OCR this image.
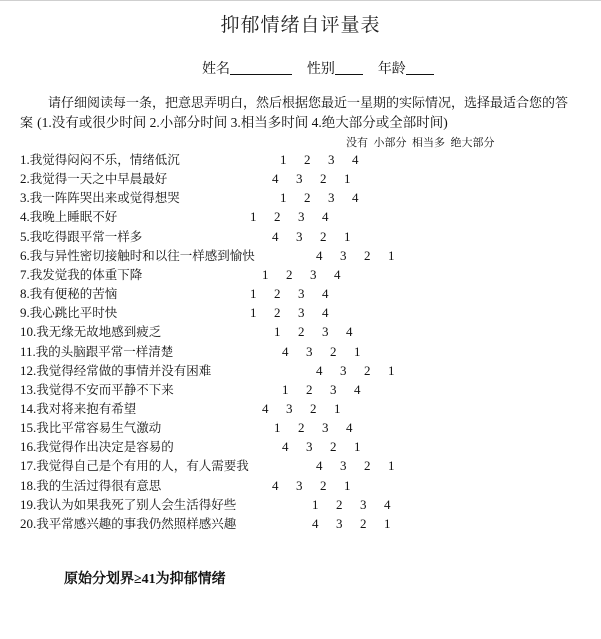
抑郁情绪自评量表
姓名	性别	年龄
请仔细阅读每一条，把意思弄明白，然后根据您最近一星期的实际情况，选择最适合您的答案 (1.没有或很少时间 2.小部分时间 3.相当多时间 4.绝大部分或全部时间)
没有 小部分 相当多 绝大部分
1.我觉得闷闷不乐，情绪低沉	1 2 3 4
2.我觉得一天之中早晨最好	4 3 2 1
3.我一阵阵哭出来或觉得想哭	1 2 3 4
4.我晚上睡眠不好	1 2 3 4
5.我吃得跟平常一样多	4 3 2 1
6.我与异性密切接触时和以往一样感到愉快	4 3 2 1
7.我发觉我的体重下降	1 2 3 4
8.我有便秘的苦恼	1 2 3 4
9.我心跳比平时快	1 2 3 4
10.我无缘无故地感到疲乏	1 2 3 4
11.我的头脑跟平常一样清楚	4 3 2 1
12.我觉得经常做的事情并没有困难	4 3 2 1
13.我觉得不安而平静不下来	1 2 3 4
14.我对将来抱有希望	4 3 2 1
15.我比平常容易生气激动	1 2 3 4
16.我觉得作出决定是容易的	4 3 2 1
17.我觉得自己是个有用的人，有人需要我	4 3 2 1
18.我的生活过得很有意思	4 3 2 1
19.我认为如果我死了别人会生活得好些	1 2 3 4
20.我平常感兴趣的事我仍然照样感兴趣	4 3 2 1
原始分划界≥41为抑郁情绪
